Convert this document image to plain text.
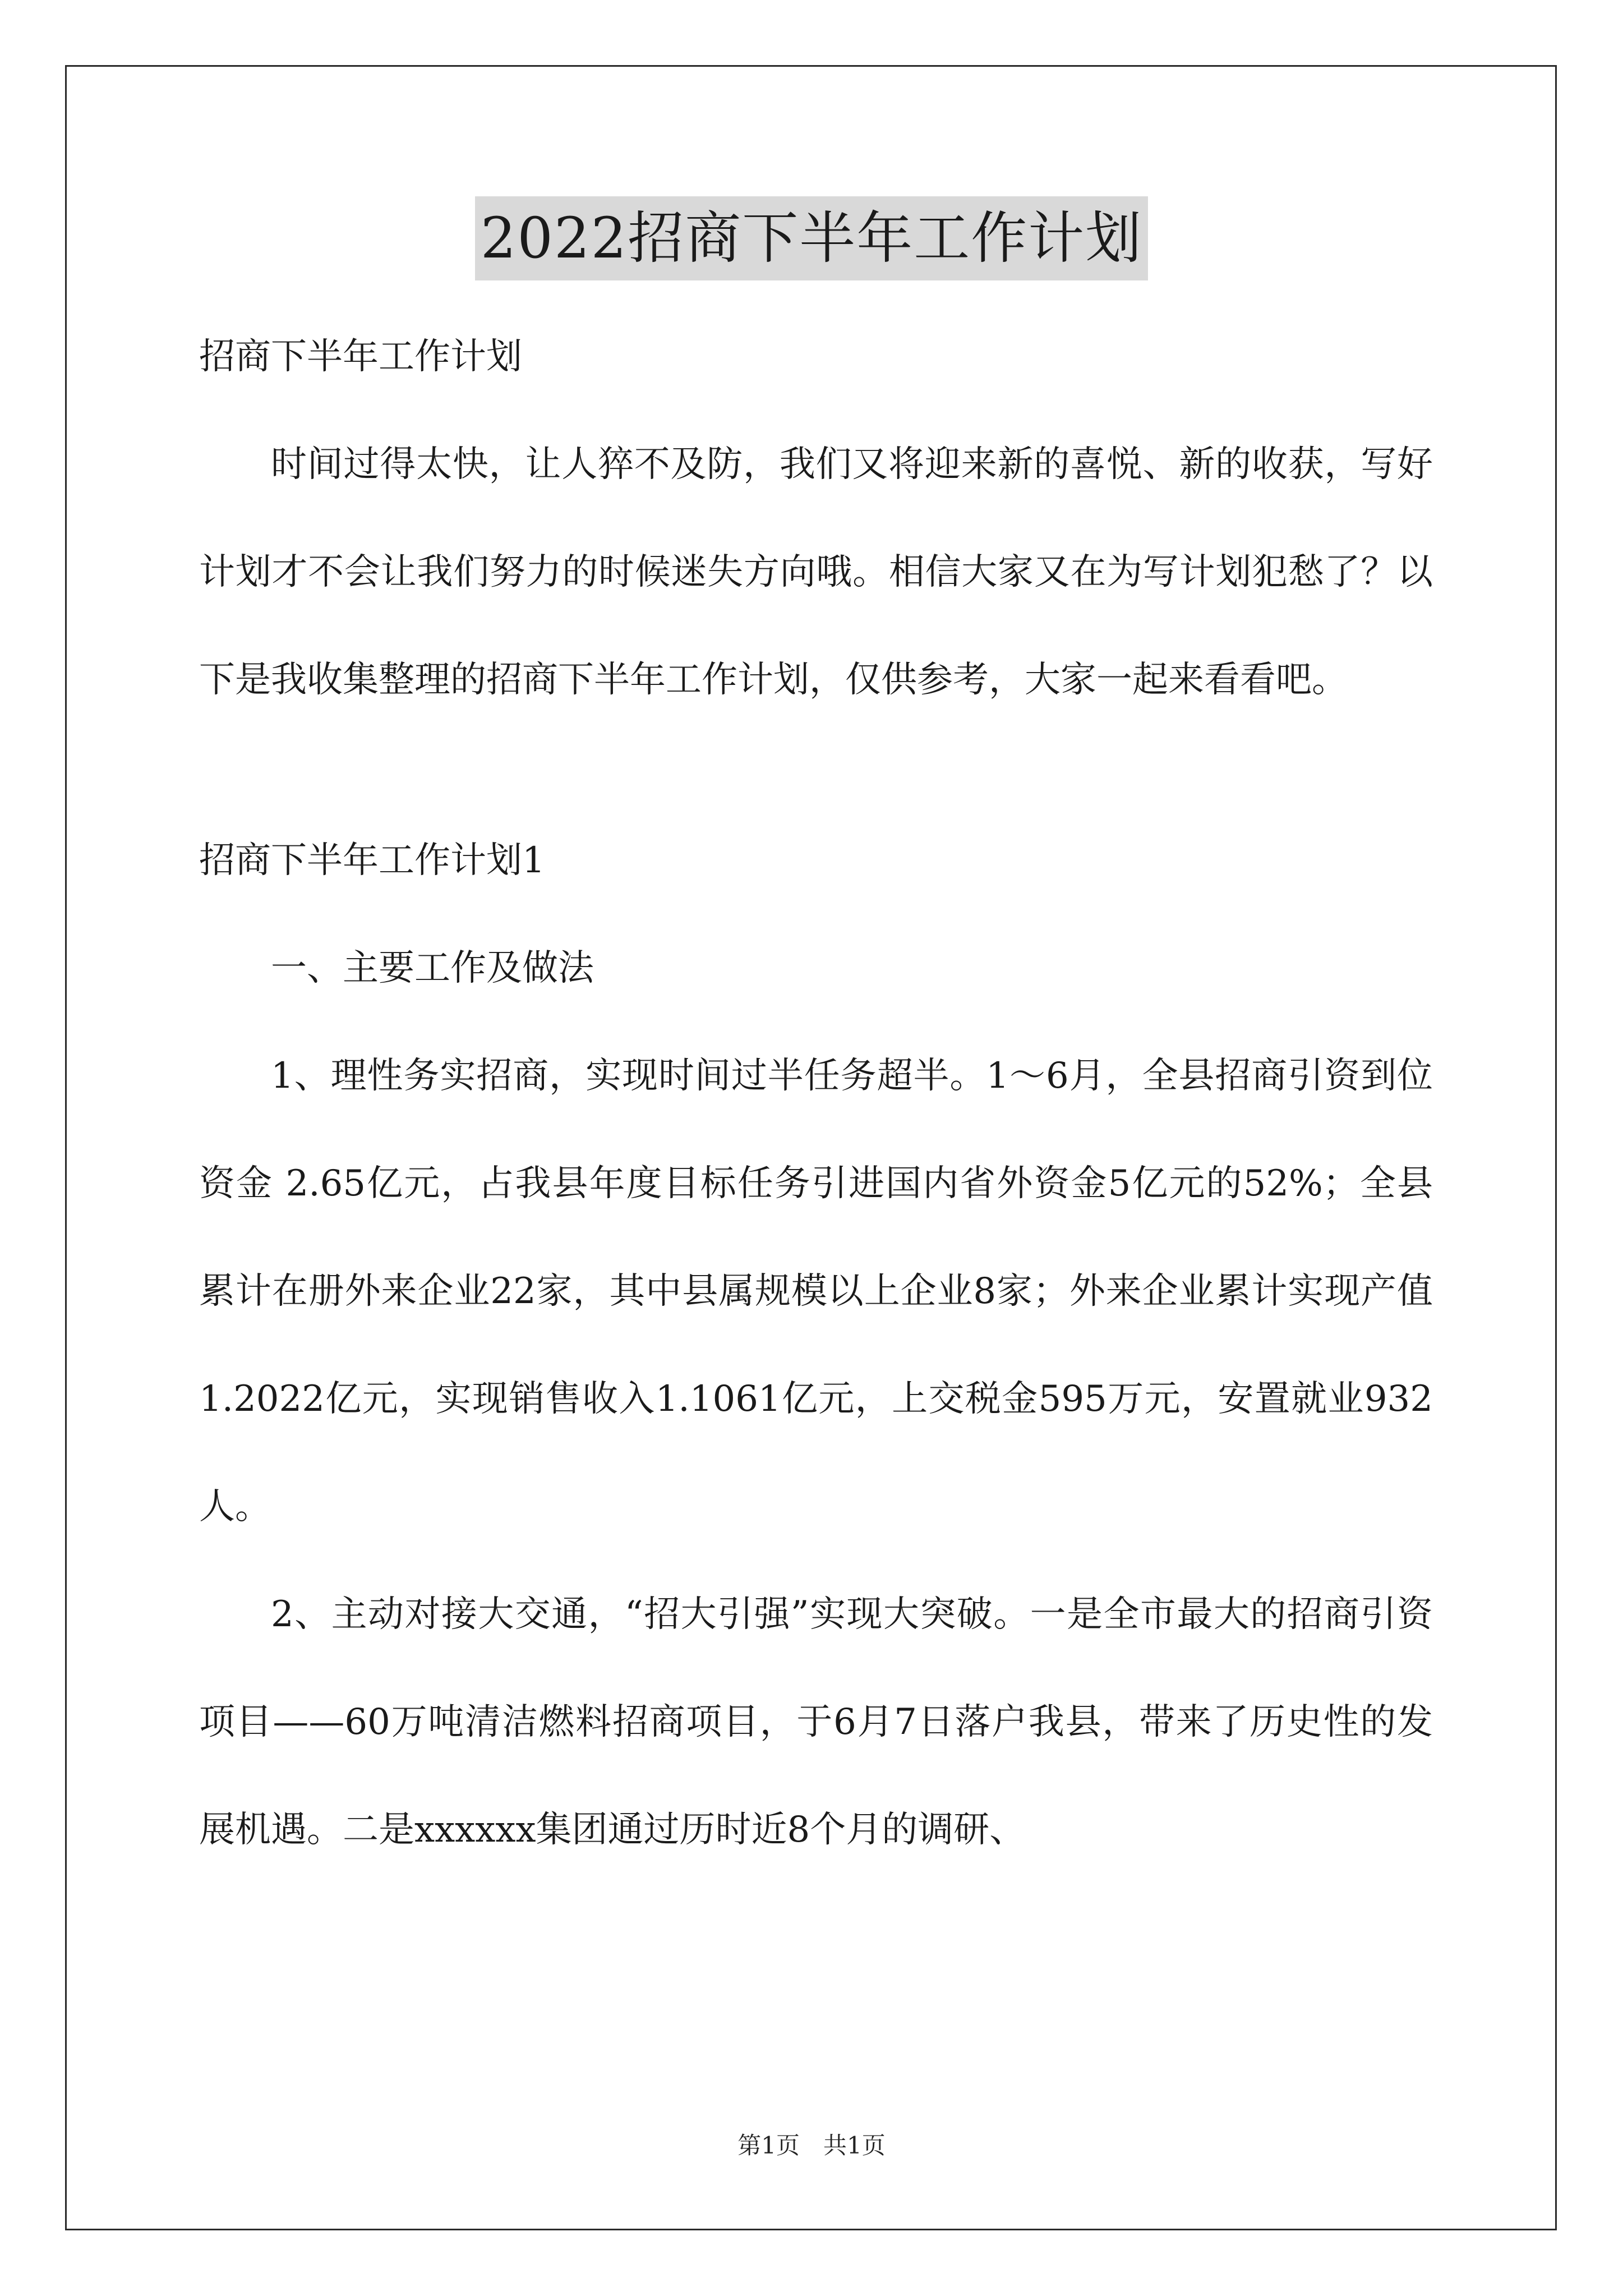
2022招商下半年工作计划

招商下半年工作计划

时间过得太快，让人猝不及防，我们又将迎来新的喜悦、新的收获，写好计划才不会让我们努力的时候迷失方向哦。相信大家又在为写计划犯愁了？以下是我收集整理的招商下半年工作计划，仅供参考，大家一起来看看吧。

招商下半年工作计划1

一、主要工作及做法

1、理性务实招商，实现时间过半任务超半。1～6月，全县招商引资到位资金 2.65亿元，占我县年度目标任务引进国内省外资金5亿元的52%；全县累计在册外来企业22家，其中县属规模以上企业8家；外来企业累计实现产值1.2022亿元，实现销售收入1.1061亿元，上交税金595万元，安置就业932人。

2、主动对接大交通，“招大引强”实现大突破。一是全市最大的招商引资项目——60万吨清洁燃料招商项目，于6月7日落户我县，带来了历史性的发展机遇。二是xxxxxx集团通过历时近8个月的调研、

第1页　共1页
